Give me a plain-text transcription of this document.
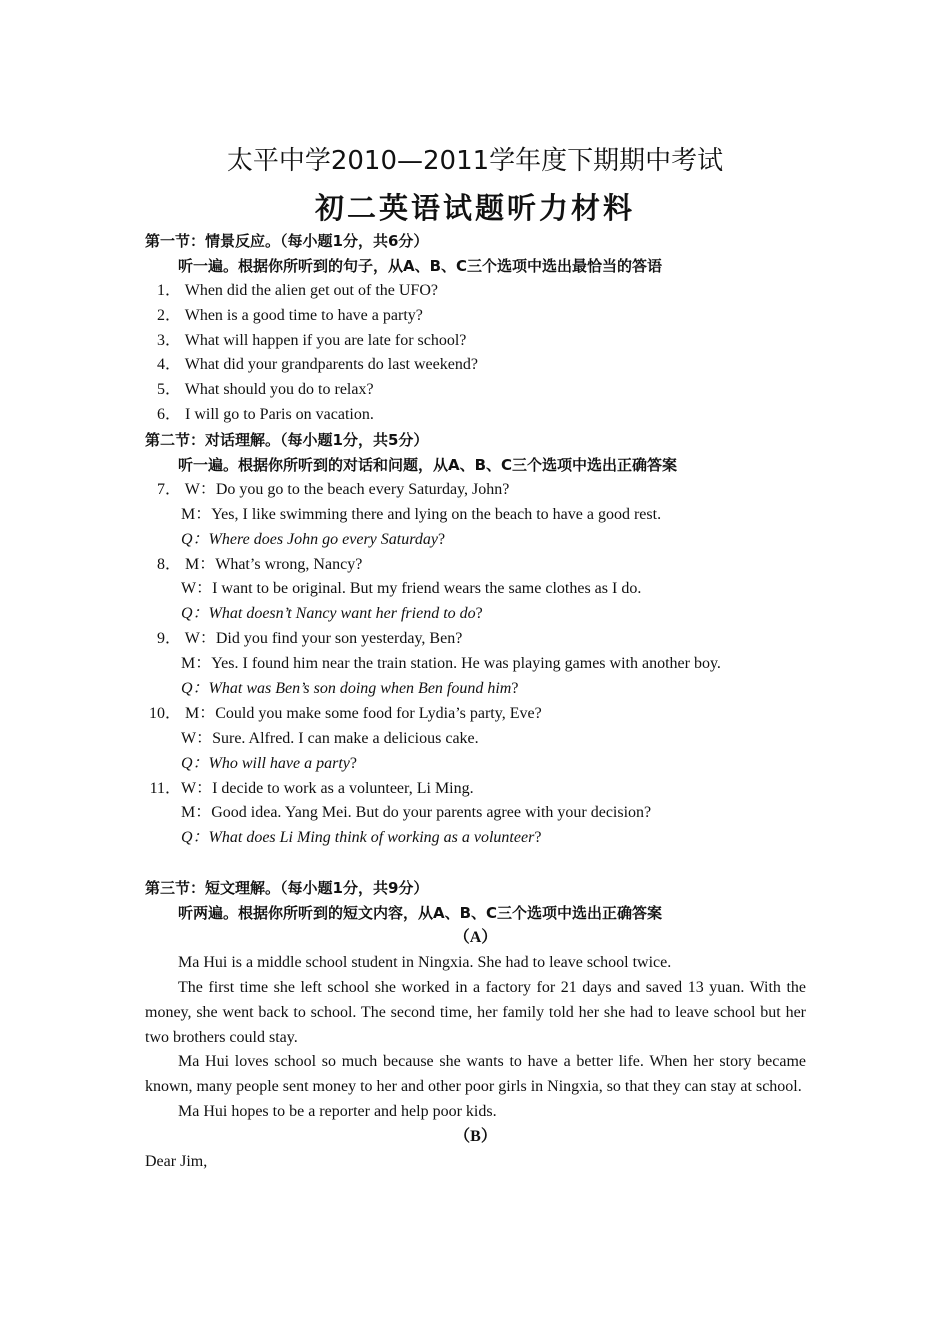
太平中学2010—2011学年度下期期中考试
初二英语试题听力材料
第一节：情景反应。（每小题1分，共6分）
听一遍。根据你所听到的句子，从A、B、C三个选项中选出最恰当的答语
1． When did the alien get out of the UFO?
2． When is a good time to have a party?
3． What will happen if you are late for school?
4． What did your grandparents do last weekend?
5． What should you do to relax?
6． I will go to Paris on vacation.
第二节：对话理解。（每小题1分，共5分）
听一遍。根据你所听到的对话和问题，从A、B、C三个选项中选出正确答案
7． W：Do you go to the beach every Saturday, John?
M：Yes, I like swimming there and lying on the beach to have a good rest.
Q：Where does John go every Saturday?
8． M：What’s wrong, Nancy?
W：I want to be original. But my friend wears the same clothes as I do.
Q：What doesn’t Nancy want her friend to do?
9． W：Did you find your son yesterday, Ben?
M：Yes. I found him near the train station. He was playing games with another boy.
Q：What was Ben’s son doing when Ben found him?
10． M：Could you make some food for Lydia’s party, Eve?
W：Sure. Alfred. I can make a delicious cake.
Q：Who will have a party?
11．W：I decide to work as a volunteer, Li Ming.
M：Good idea. Yang Mei. But do your parents agree with your decision?
Q：What does Li Ming think of working as a volunteer?
第三节：短文理解。（每小题1分，共9分）
听两遍。根据你所听到的短文内容，从A、B、C三个选项中选出正确答案
（A）
Ma Hui is a middle school student in Ningxia. She had to leave school twice.
The first time she left school she worked in a factory for 21 days and saved 13 yuan. With the money, she went back to school. The second time, her family told her she had to leave school but her two brothers could stay.
Ma Hui loves school so much because she wants to have a better life. When her story became known, many people sent money to her and other poor girls in Ningxia, so that they can stay at school.
Ma Hui hopes to be a reporter and help poor kids.
（B）
Dear Jim,
